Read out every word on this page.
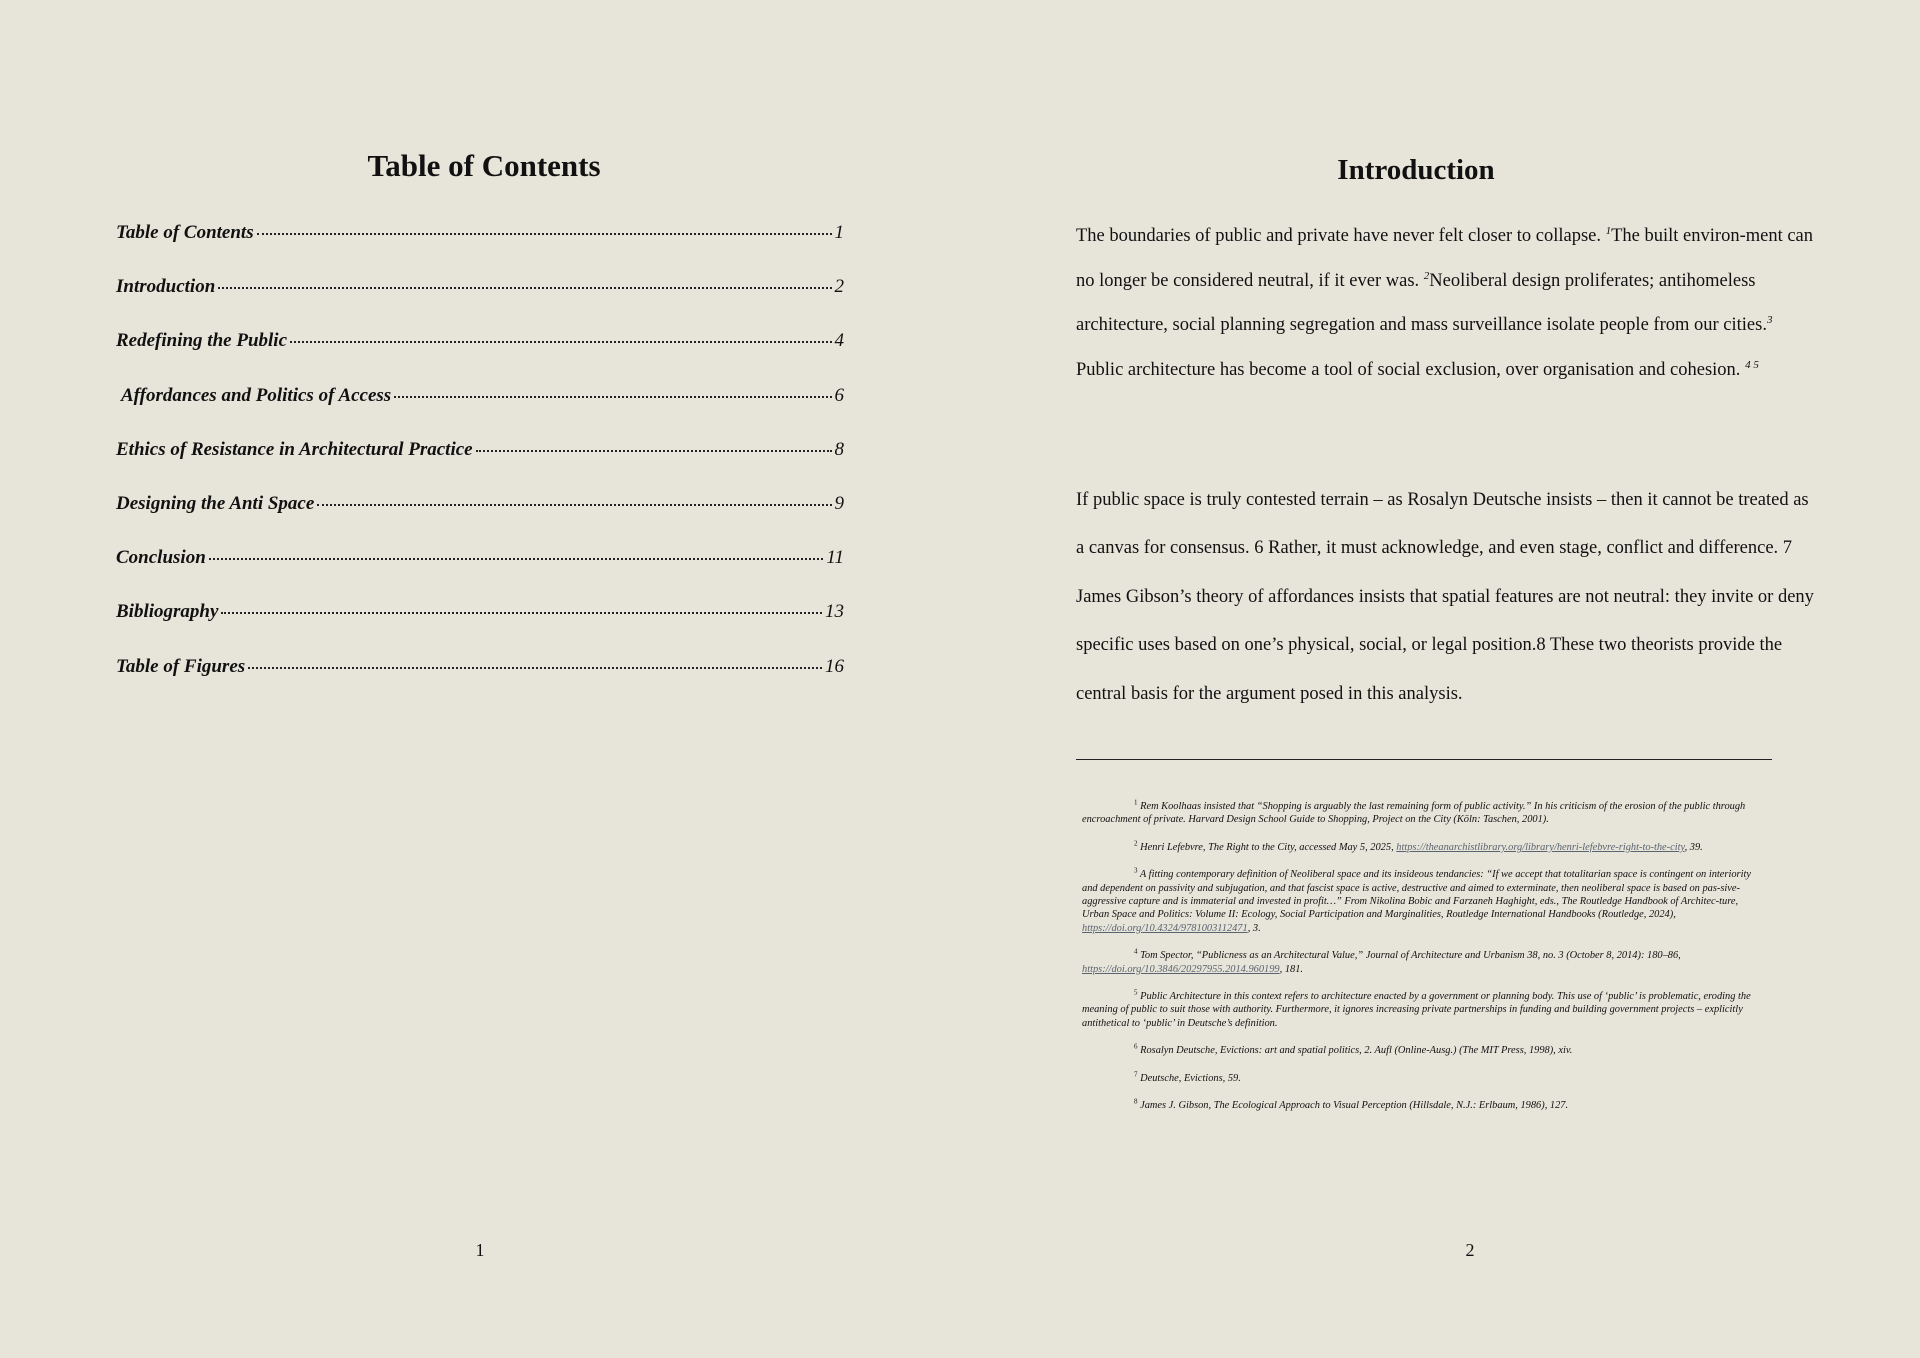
Table of Contents
Table of Contents	1
Introduction	2
Redefining the Public	4
Affordances and Politics of Access	6
Ethics of Resistance in Architectural Practice	8
Designing the Anti Space	9
Conclusion	11
Bibliography	13
Table of Figures	16
1
Introduction

The boundaries of public and private have never felt closer to collapse. $^1$The built environ-ment can no longer be considered neutral, if it ever was. $^2$Neoliberal design proliferates; antihomeless architecture, social planning segregation and mass surveillance isolate people from our cities.$^3$ Public architecture has become a tool of social exclusion, over organisation and cohesion. $^{4 5}$

If public space is truly contested terrain – as Rosalyn Deutsche insists – then it cannot be treated as a canvas for consensus. 6 Rather, it must acknowledge, and even stage, conflict and difference. 7 James Gibson’s theory of affordances insists that spatial features are not neutral: they invite or deny specific uses based on one’s physical, social, or legal position.8 These two theorists provide the central basis for the argument posed in this analysis.

$^1$ Rem Koolhaas insisted that “Shopping is arguably the last remaining form of public activity.” In his criticism of the erosion of the public through encroachment of private. Harvard Design School Guide to Shopping, Project on the City (Köln: Taschen, 2001).
$^2$ Henri Lefebvre, The Right to the City, accessed May 5, 2025, https://theanarchistlibrary.org/library/henri-lefebvre-right-to-the-city, 39.
$^3$ A fitting contemporary definition of Neoliberal space and its insideous tendancies: “If we accept that totalitarian space is contingent on interiority and dependent on passivity and subjugation, and that fascist space is active, destructive and aimed to exterminate, then neoliberal space is based on pas-sive-aggressive capture and is immaterial and invested in profit…” From Nikolina Bobic and Farzaneh Haghight, eds., The Routledge Handbook of Architec-ture, Urban Space and Politics: Volume II: Ecology, Social Participation and Marginalities, Routledge International Handbooks (Routledge, 2024), https://doi.org/10.4324/9781003112471, 3.
$^4$ Tom Spector, “Publicness as an Architectural Value,” Journal of Architecture and Urbanism 38, no. 3 (October 8, 2014): 180–86, https://doi.org/10.3846/20297955.2014.960199, 181.
$^5$ Public Architecture in this context refers to architecture enacted by a government or planning body. This use of ‘public’ is problematic, eroding the meaning of public to suit those with authority. Furthermore, it ignores increasing private partnerships in funding and building government projects – explicitly antithetical to ‘public’ in Deutsche’s definition.
$^6$ Rosalyn Deutsche, Evictions: art and spatial politics, 2. Aufl (Online-Ausg.) (The MIT Press, 1998), xiv.
$^7$ Deutsche, Evictions, 59.
$^8$ James J. Gibson, The Ecological Approach to Visual Perception (Hillsdale, N.J.: Erlbaum, 1986), 127.
2
